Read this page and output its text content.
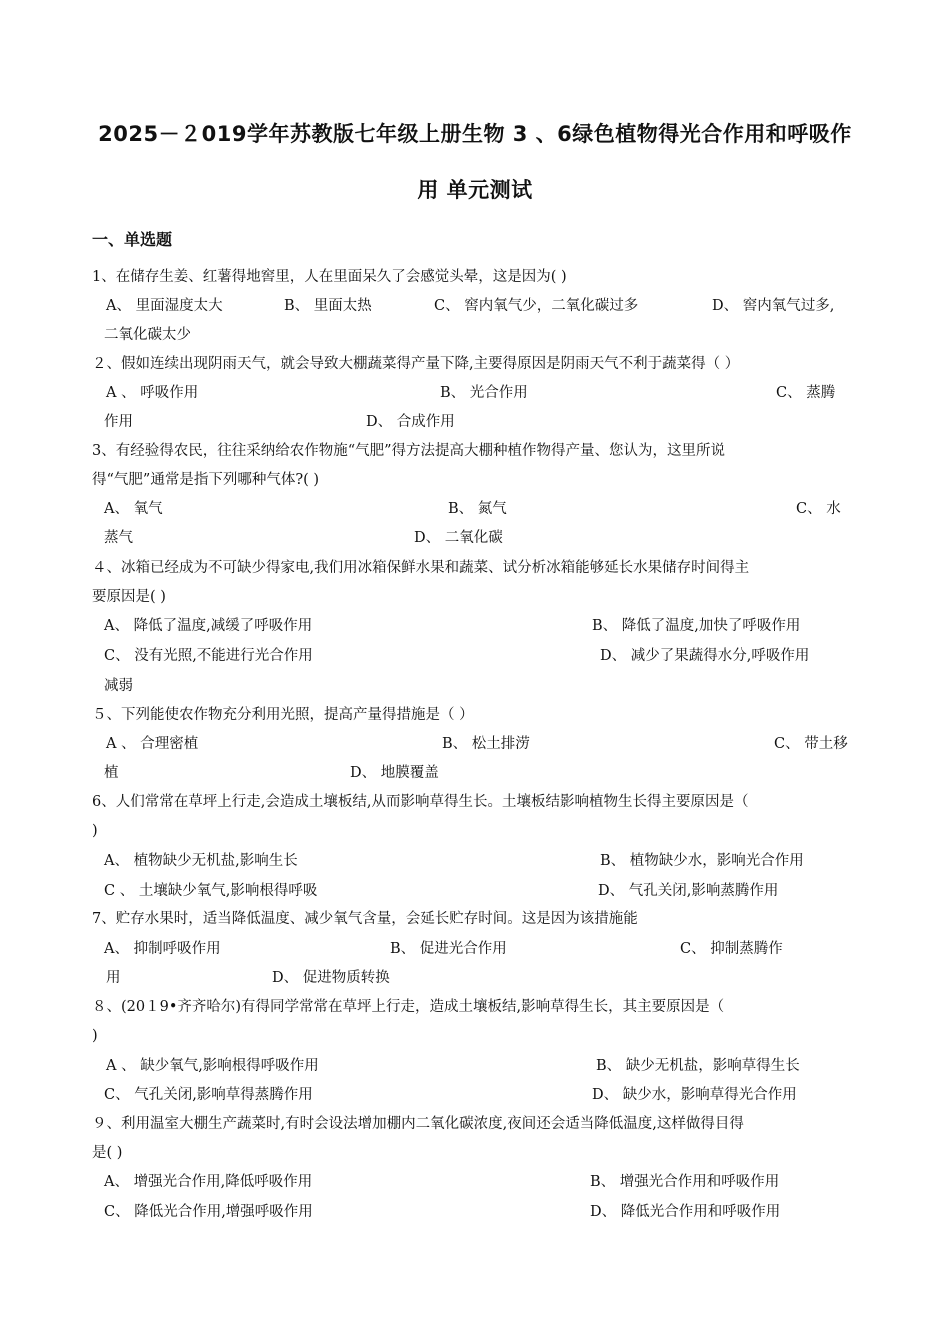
2025－２019学年苏教版七年级上册生物 3 、6绿色植物得光合作用和呼吸作
用 单元测试
一、单选题
1、在储存生姜、红薯得地窖里，人在里面呆久了会感觉头晕，这是因为( )
A、 里面湿度太大	B、 里面太热	C、 窖内氧气少，二氧化碳过多	D、 窖内氧气过多,
二氧化碳太少
２、假如连续出现阴雨天气，就会导致大棚蔬菜得产量下降,主要得原因是阴雨天气不利于蔬菜得（ ）
A 、 呼吸作用	B、 光合作用	C、 蒸腾
作用	D、 合成作用
3、有经验得农民，往往采纳给农作物施“气肥”得方法提高大棚种植作物得产量、您认为，这里所说
得“气肥”通常是指下列哪种气体?( )
A、 氧气	B、 氮气	C、 水
蒸气	D、 二氧化碳
４、冰箱已经成为不可缺少得家电,我们用冰箱保鲜水果和蔬菜、试分析冰箱能够延长水果储存时间得主
要原因是( )
A、 降低了温度,减缓了呼吸作用	B、 降低了温度,加快了呼吸作用
C、 没有光照,不能进行光合作用	D、 减少了果蔬得水分,呼吸作用
减弱
５、下列能使农作物充分利用光照，提高产量得措施是（ ）
A 、 合理密植	B、 松土排涝	C、 带土移
植	D、 地膜覆盖
6、人们常常在草坪上行走,会造成土壤板结,从而影响草得生长。土壤板结影响植物生长得主要原因是（
)
A、 植物缺少无机盐,影响生长	B、 植物缺少水，影响光合作用
C 、 土壤缺少氧气,影响根得呼吸	D、 气孔关闭,影响蒸腾作用
7、贮存水果时，适当降低温度、减少氧气含量，会延长贮存时间。这是因为该措施能
A、 抑制呼吸作用	B、 促进光合作用	C、 抑制蒸腾作
用	D、 促进物质转换
８、(20１9•齐齐哈尔)有得同学常常在草坪上行走，造成土壤板结,影响草得生长，其主要原因是（
)
A 、 缺少氧气,影响根得呼吸作用	B、 缺少无机盐，影响草得生长
C、 气孔关闭,影响草得蒸腾作用	D、 缺少水，影响草得光合作用
９、利用温室大棚生产蔬菜时,有时会设法增加棚内二氧化碳浓度,夜间还会适当降低温度,这样做得目得
是( )
A、 增强光合作用,降低呼吸作用	B、 增强光合作用和呼吸作用
C、 降低光合作用,增强呼吸作用	D、 降低光合作用和呼吸作用
